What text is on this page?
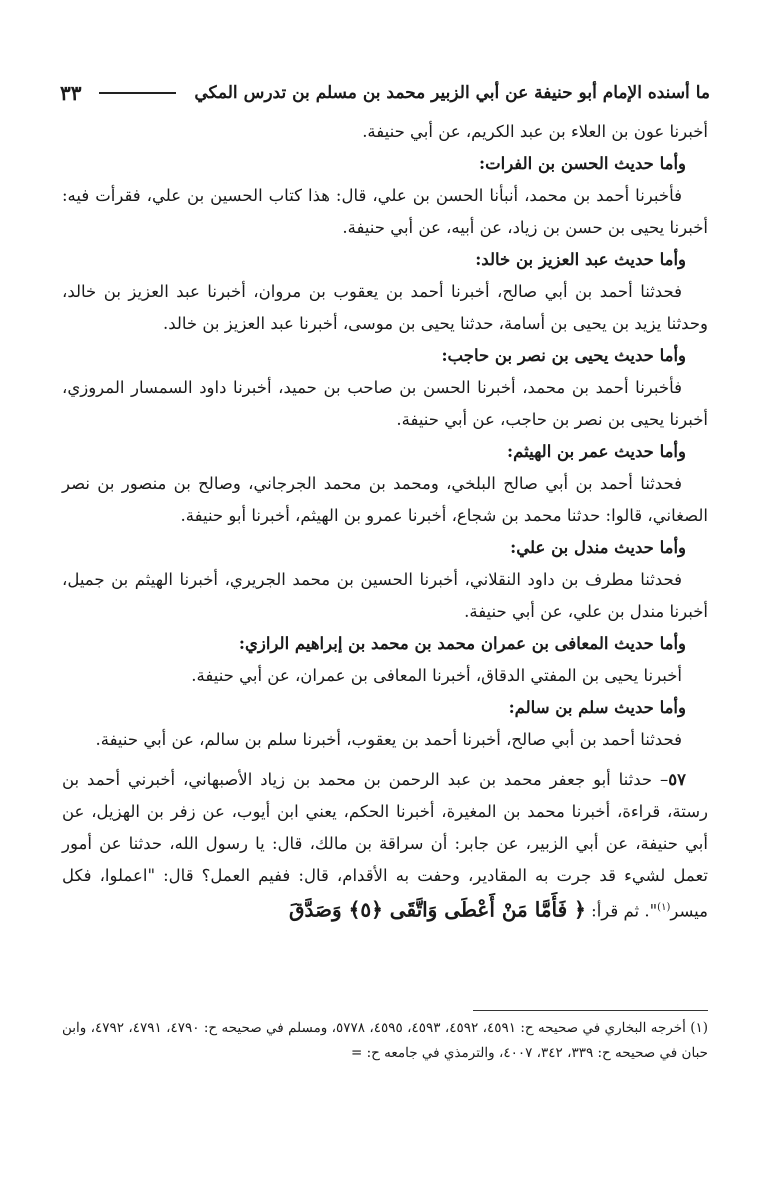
ما أسنده الإمام أبو حنيفة عن أبي الزبير محمد بن مسلم بن تدرس المكي
٣٣

أخبرنا عون بن العلاء بن عبد الكريم، عن أبي حنيفة.

وأما حديث الحسن بن الفرات:

فأخبرنا أحمد بن محمد، أنبأنا الحسن بن علي، قال: هذا كتاب الحسين بن علي، فقرأت فيه: أخبرنا يحيى بن حسن بن زياد، عن أبيه، عن أبي حنيفة.

وأما حديث عبد العزيز بن خالد:

فحدثنا أحمد بن أبي صالح، أخبرنا أحمد بن يعقوب بن مروان، أخبرنا عبد العزيز بن خالد، وحدثنا يزيد بن يحيى بن أسامة، حدثنا يحيى بن موسى، أخبرنا عبد العزيز بن خالد.

وأما حديث يحيى بن نصر بن حاجب:

فأخبرنا أحمد بن محمد، أخبرنا الحسن بن صاحب بن حميد، أخبرنا داود السمسار المروزي، أخبرنا يحيى بن نصر بن حاجب، عن أبي حنيفة.

وأما حديث عمر بن الهيثم:

فحدثنا أحمد بن أبي صالح البلخي، ومحمد بن محمد الجرجاني، وصالح بن منصور بن نصر الصغاني، قالوا: حدثنا محمد بن شجاع، أخبرنا عمرو بن الهيثم، أخبرنا أبو حنيفة.

وأما حديث مندل بن علي:

فحدثنا مطرف بن داود النقلاني، أخبرنا الحسين بن محمد الجريري، أخبرنا الهيثم بن جميل، أخبرنا مندل بن علي، عن أبي حنيفة.

وأما حديث المعافى بن عمران محمد بن محمد بن إبراهيم الرازي:

أخبرنا يحيى بن المفتي الدقاق، أخبرنا المعافى بن عمران، عن أبي حنيفة.

وأما حديث سلم بن سالم:

فحدثنا أحمد بن أبي صالح، أخبرنا أحمد بن يعقوب، أخبرنا سلم بن سالم، عن أبي حنيفة.

٥٧– حدثنا أبو جعفر محمد بن عبد الرحمن بن محمد بن زياد الأصبهاني، أخبرني أحمد بن رستة، قراءة، أخبرنا محمد بن المغيرة، أخبرنا الحكم، يعني ابن أيوب، عن زفر بن الهزيل، عن أبي حنيفة، عن أبي الزبير، عن جابر: أن سراقة بن مالك، قال: يا رسول الله، حدثنا عن أمور تعمل لشيء قد جرت به المقادير، وحفت به الأقدام، قال: ففيم العمل؟ قال: "اعملوا، فكل ميسر$^{(١)}$". ثم قرأ: ﴿ فَأَمَّا مَنْ أَعْطَى وَاتَّقَى ﴿٥﴾ وَصَدَّقَ

(١) أخرجه البخاري في صحيحه ح: ٤٥٩١، ٤٥٩٢، ٤٥٩٣، ٤٥٩٥، ٥٧٧٨، ومسلم في صحيحه ح: ٤٧٩٠، ٤٧٩١، ٤٧٩٢، وابن حبان في صحيحه ح: ٣٣٩، ٣٤٢، ٤٠٠٧، والترمذي في جامعه ح: =
